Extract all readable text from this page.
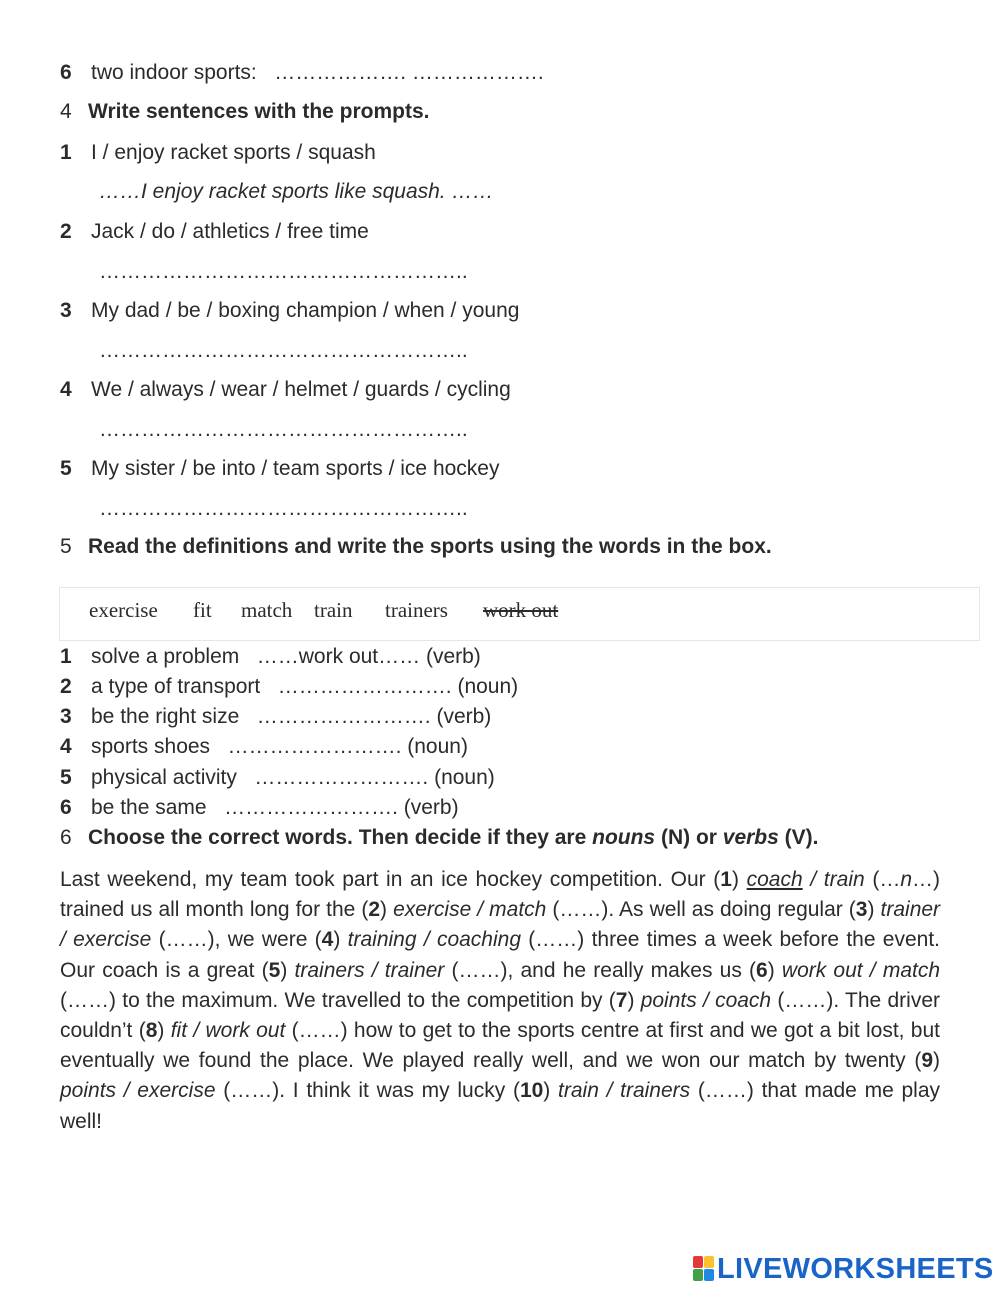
6 two indoor sports: ………………. ……………….
4 Write sentences with the prompts.
1 I / enjoy racket sports / squash
……I enjoy racket sports like squash. ……
2 Jack / do / athletics / free time
……………………………………………..
3 My dad / be / boxing champion / when / young
……………………………………………..
4 We / always / wear / helmet / guards / cycling
……………………………………………..
5 My sister / be into / team sports / ice hockey
……………………………………………..
5 Read the definitions and write the sports using the words in the box.
exercise fit match train trainers work out
1 solve a problem ……work out…… (verb)
2 a type of transport ……………………. (noun)
3 be the right size ……………………. (verb)
4 sports shoes ……………………. (noun)
5 physical activity ……………………. (noun)
6 be the same ……………………. (verb)
6 Choose the correct words. Then decide if they are nouns (N) or verbs (V).
Last weekend, my team took part in an ice hockey competition. Our (1) coach / train (…n…) trained us all month long for the (2) exercise / match (……). As well as doing regular (3) trainer / exercise (……), we were (4) training / coaching (……) three times a week before the event. Our coach is a great (5) trainers / trainer (……), and he really makes us (6) work out / match (……) to the maximum. We travelled to the competition by (7) points / coach (……). The driver couldn’t (8) fit / work out (……) how to get to the sports centre at first and we got a bit lost, but eventually we found the place. We played really well, and we won our match by twenty (9) points / exercise (……). I think it was my lucky (10) train / trainers (……) that made me play well!
LIVEWORKSHEETS
